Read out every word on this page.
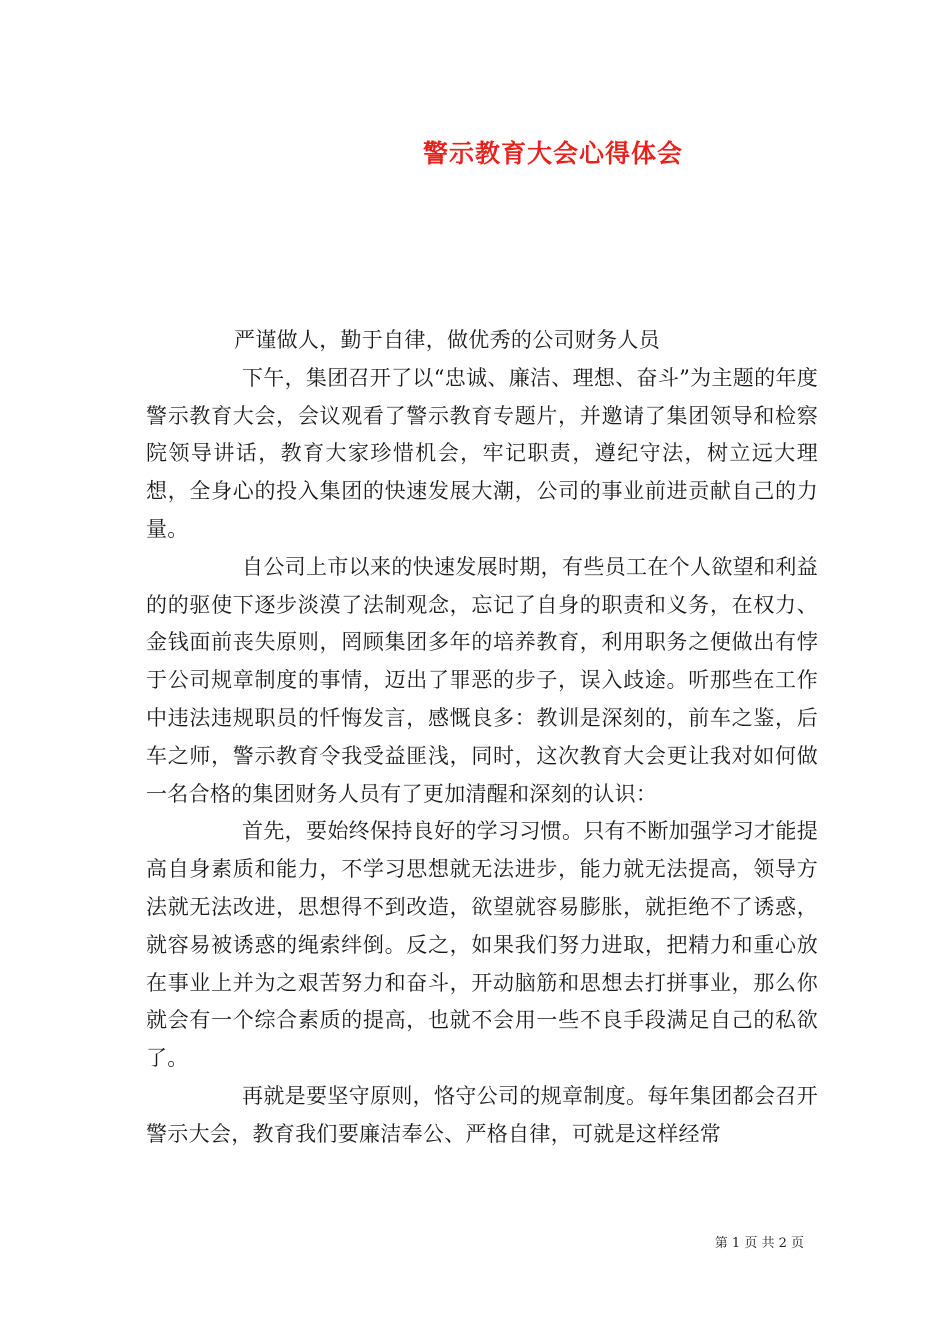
警示教育大会心得体会

严谨做人，勤于自律，做优秀的公司财务人员

下午，集团召开了以“忠诚、廉洁、理想、奋斗”为主题的年度警示教育大会，会议观看了警示教育专题片，并邀请了集团领导和检察院领导讲话，教育大家珍惜机会，牢记职责，遵纪守法，树立远大理想，全身心的投入集团的快速发展大潮，公司的事业前进贡献自己的力量。

自公司上市以来的快速发展时期，有些员工在个人欲望和利益的的驱使下逐步淡漠了法制观念，忘记了自身的职责和义务，在权力、金钱面前丧失原则，罔顾集团多年的培养教育，利用职务之便做出有悖于公司规章制度的事情，迈出了罪恶的步子，误入歧途。听那些在工作中违法违规职员的忏悔发言，感慨良多：教训是深刻的，前车之鉴，后车之师，警示教育令我受益匪浅，同时，这次教育大会更让我对如何做一名合格的集团财务人员有了更加清醒和深刻的认识：

首先，要始终保持良好的学习习惯。只有不断加强学习才能提高自身素质和能力，不学习思想就无法进步，能力就无法提高，领导方法就无法改进，思想得不到改造，欲望就容易膨胀，就拒绝不了诱惑，就容易被诱惑的绳索绊倒。反之，如果我们努力进取，把精力和重心放在事业上并为之艰苦努力和奋斗，开动脑筋和思想去打拼事业，那么你就会有一个综合素质的提高，也就不会用一些不良手段满足自己的私欲了。

再就是要坚守原则，恪守公司的规章制度。每年集团都会召开警示大会，教育我们要廉洁奉公、严格自律，可就是这样经常

第 1 页 共 2 页
